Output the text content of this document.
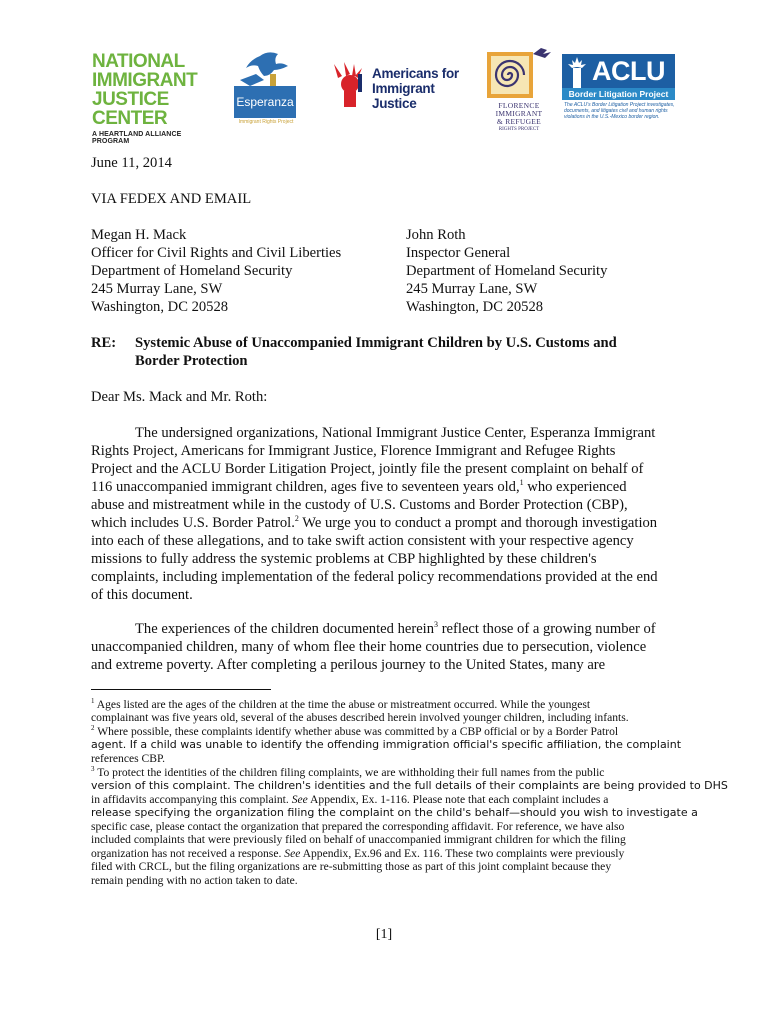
NATIONAL
IMMIGRANT
JUSTICE CENTER
A HEARTLAND ALLIANCE PROGRAM
Esperanza
Immigrant Rights Project
Americans for
Immigrant Justice	FLORENCE
IMMIGRANT
& REFUGEE
RIGHTS PROJECT
ACLU
Border Litigation Project
The ACLU's Border Litigation Project investigates, documents, and litigates civil and human rights violations in the U.S.-Mexico border region.
June 11, 2014
VIA FEDEX AND EMAIL
Megan H. Mack
Officer for Civil Rights and Civil Liberties
Department of Homeland Security
245 Murray Lane, SW
Washington, DC 20528
John Roth
Inspector General
Department of Homeland Security
245 Murray Lane, SW
Washington, DC 20528
RE: Systemic Abuse of Unaccompanied Immigrant Children by U.S. Customs and
Border Protection
Dear Ms. Mack and Mr. Roth:
The undersigned organizations, National Immigrant Justice Center, Esperanza Immigrant
Rights Project, Americans for Immigrant Justice, Florence Immigrant and Refugee Rights
Project and the ACLU Border Litigation Project, jointly file the present complaint on behalf of
116 unaccompanied immigrant children, ages five to seventeen years old,$^1$ who experienced
abuse and mistreatment while in the custody of U.S. Customs and Border Protection (CBP),
which includes U.S. Border Patrol.$^2$ We urge you to conduct a prompt and thorough investigation
into each of these allegations, and to take swift action consistent with your respective agency
missions to fully address the systemic problems at CBP highlighted by these children's
complaints, including implementation of the federal policy recommendations provided at the end
of this document.
The experiences of the children documented herein$^3$ reflect those of a growing number of
unaccompanied children, many of whom flee their home countries due to persecution, violence
and extreme poverty. After completing a perilous journey to the United States, many are
$^1$ Ages listed are the ages of the children at the time the abuse or mistreatment occurred. While the youngest
complainant was five years old, several of the abuses described herein involved younger children, including infants.
$^2$ Where possible, these complaints identify whether abuse was committed by a CBP official or by a Border Patrol
agent. If a child was unable to identify the offending immigration official's specific affiliation, the complaint
references CBP.
$^3$ To protect the identities of the children filing complaints, we are withholding their full names from the public
version of this complaint. The children's identities and the full details of their complaints are being provided to DHS
in affidavits accompanying this complaint. See Appendix, Ex. 1-116. Please note that each complaint includes a
release specifying the organization filing the complaint on the child's behalf—should you wish to investigate a
specific case, please contact the organization that prepared the corresponding affidavit. For reference, we have also
included complaints that were previously filed on behalf of unaccompanied immigrant children for which the filing
organization has not received a response. See Appendix, Ex.96 and Ex. 116. These two complaints were previously
filed with CRCL, but the filing organizations are re-submitting those as part of this joint complaint because they
remain pending with no action taken to date.
[1]
